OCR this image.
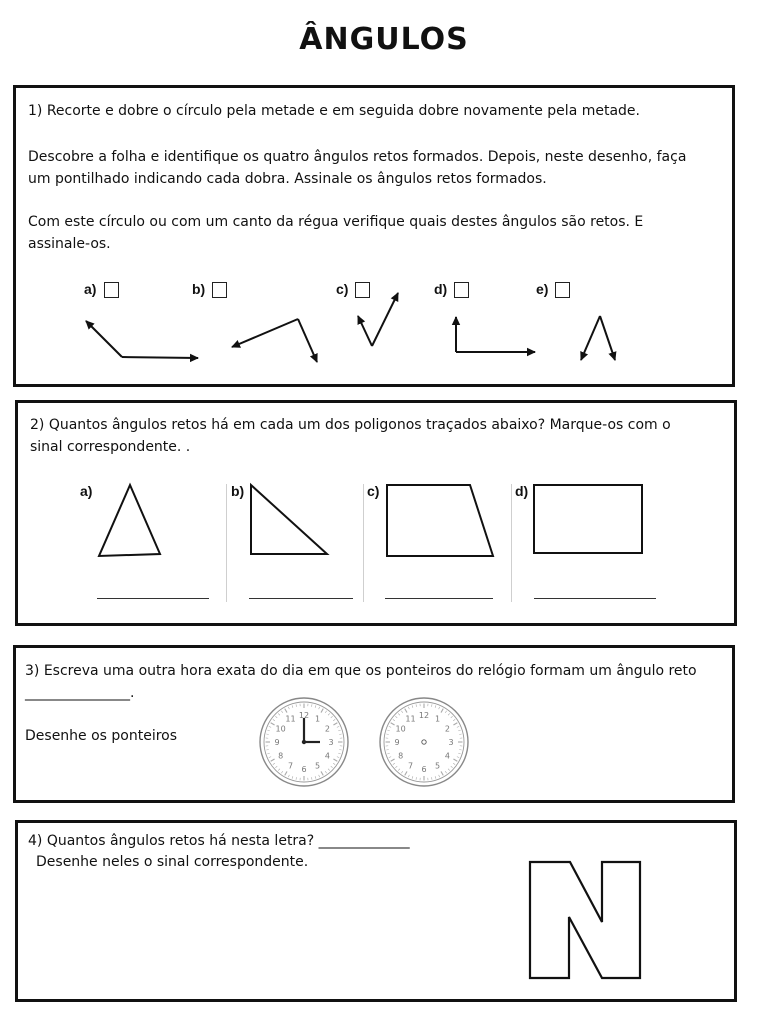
ÂNGULOS
1) Recorte e dobre o círculo pela metade e em seguida dobre novamente pela metade.
Descobre a folha e identifique os quatro ângulos retos formados. Depois, neste desenho, faça
um pontilhado indicando cada dobra. Assinale os ângulos retos formados.
Com este círculo ou com um canto da régua verifique quais destes ângulos são retos. E
assinale-os.
a)	b)	c)	d)	e)
2) Quantos ângulos retos há em cada um dos poligonos traçados abaixo? Marque-os com o
sinal correspondente. .
a)	b)	c)	d)
3) Escreva uma outra hora exata do dia em que os ponteiros do relógio formam um ângulo reto
_______________.
Desenhe os ponteiros
12 1
2
3
4
5
6
7
8
9
10
11	12 1
2
3
4
5
6
7
8
9
10
11
4) Quantos ângulos retos há nesta letra? _____________
Desenhe neles o sinal correspondente.
